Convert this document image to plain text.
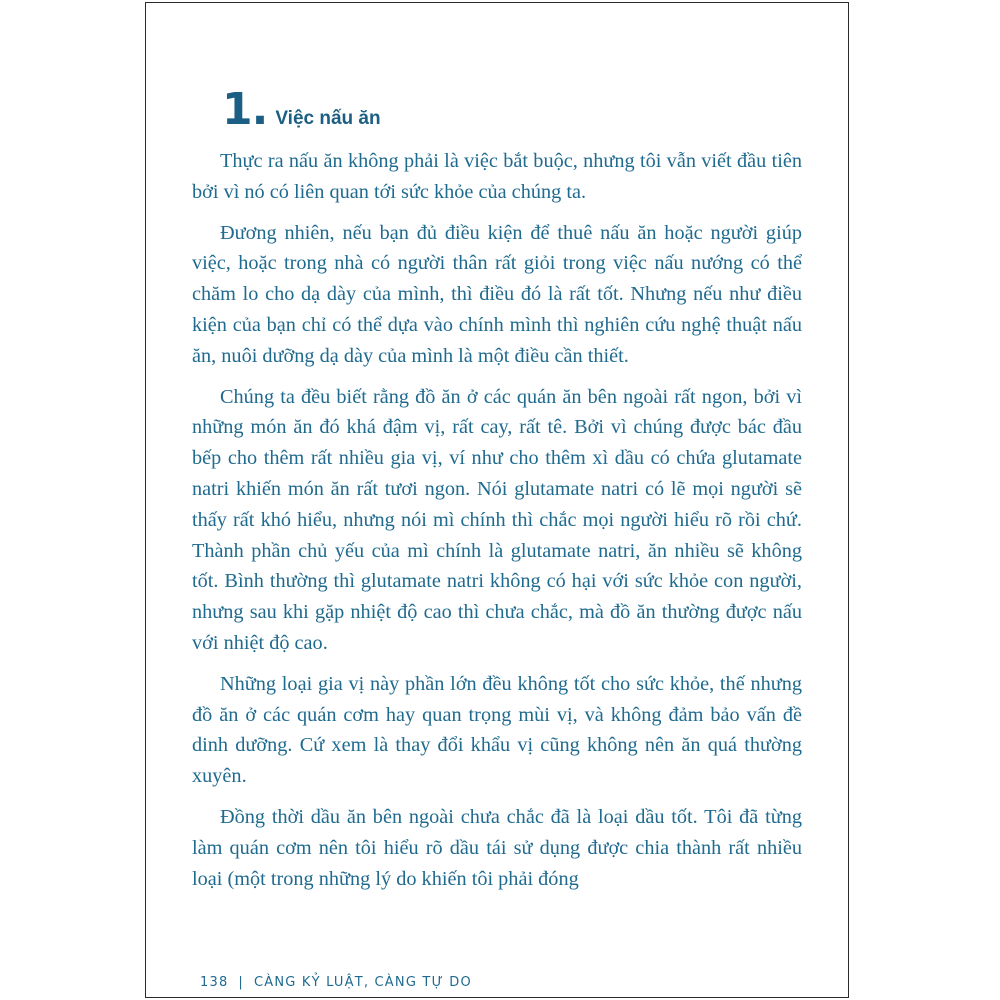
1. Việc nấu ăn

Thực ra nấu ăn không phải là việc bắt buộc, nhưng tôi vẫn viết đầu tiên bởi vì nó có liên quan tới sức khỏe của chúng ta.

Đương nhiên, nếu bạn đủ điều kiện để thuê nấu ăn hoặc người giúp việc, hoặc trong nhà có người thân rất giỏi trong việc nấu nướng có thể chăm lo cho dạ dày của mình, thì điều đó là rất tốt. Nhưng nếu như điều kiện của bạn chỉ có thể dựa vào chính mình thì nghiên cứu nghệ thuật nấu ăn, nuôi dưỡng dạ dày của mình là một điều cần thiết.

Chúng ta đều biết rằng đồ ăn ở các quán ăn bên ngoài rất ngon, bởi vì những món ăn đó khá đậm vị, rất cay, rất tê. Bởi vì chúng được bác đầu bếp cho thêm rất nhiều gia vị, ví như cho thêm xì dầu có chứa glutamate natri khiến món ăn rất tươi ngon. Nói glutamate natri có lẽ mọi người sẽ thấy rất khó hiểu, nhưng nói mì chính thì chắc mọi người hiểu rõ rồi chứ. Thành phần chủ yếu của mì chính là glutamate natri, ăn nhiều sẽ không tốt. Bình thường thì glutamate natri không có hại với sức khỏe con người, nhưng sau khi gặp nhiệt độ cao thì chưa chắc, mà đồ ăn thường được nấu với nhiệt độ cao.

Những loại gia vị này phần lớn đều không tốt cho sức khỏe, thế nhưng đồ ăn ở các quán cơm hay quan trọng mùi vị, và không đảm bảo vấn đề dinh dưỡng. Cứ xem là thay đổi khẩu vị cũng không nên ăn quá thường xuyên.

Đồng thời dầu ăn bên ngoài chưa chắc đã là loại dầu tốt. Tôi đã từng làm quán cơm nên tôi hiểu rõ dầu tái sử dụng được chia thành rất nhiều loại (một trong những lý do khiến tôi phải đóng

138 | CÀNG KỶ LUẬT, CÀNG TỰ DO
